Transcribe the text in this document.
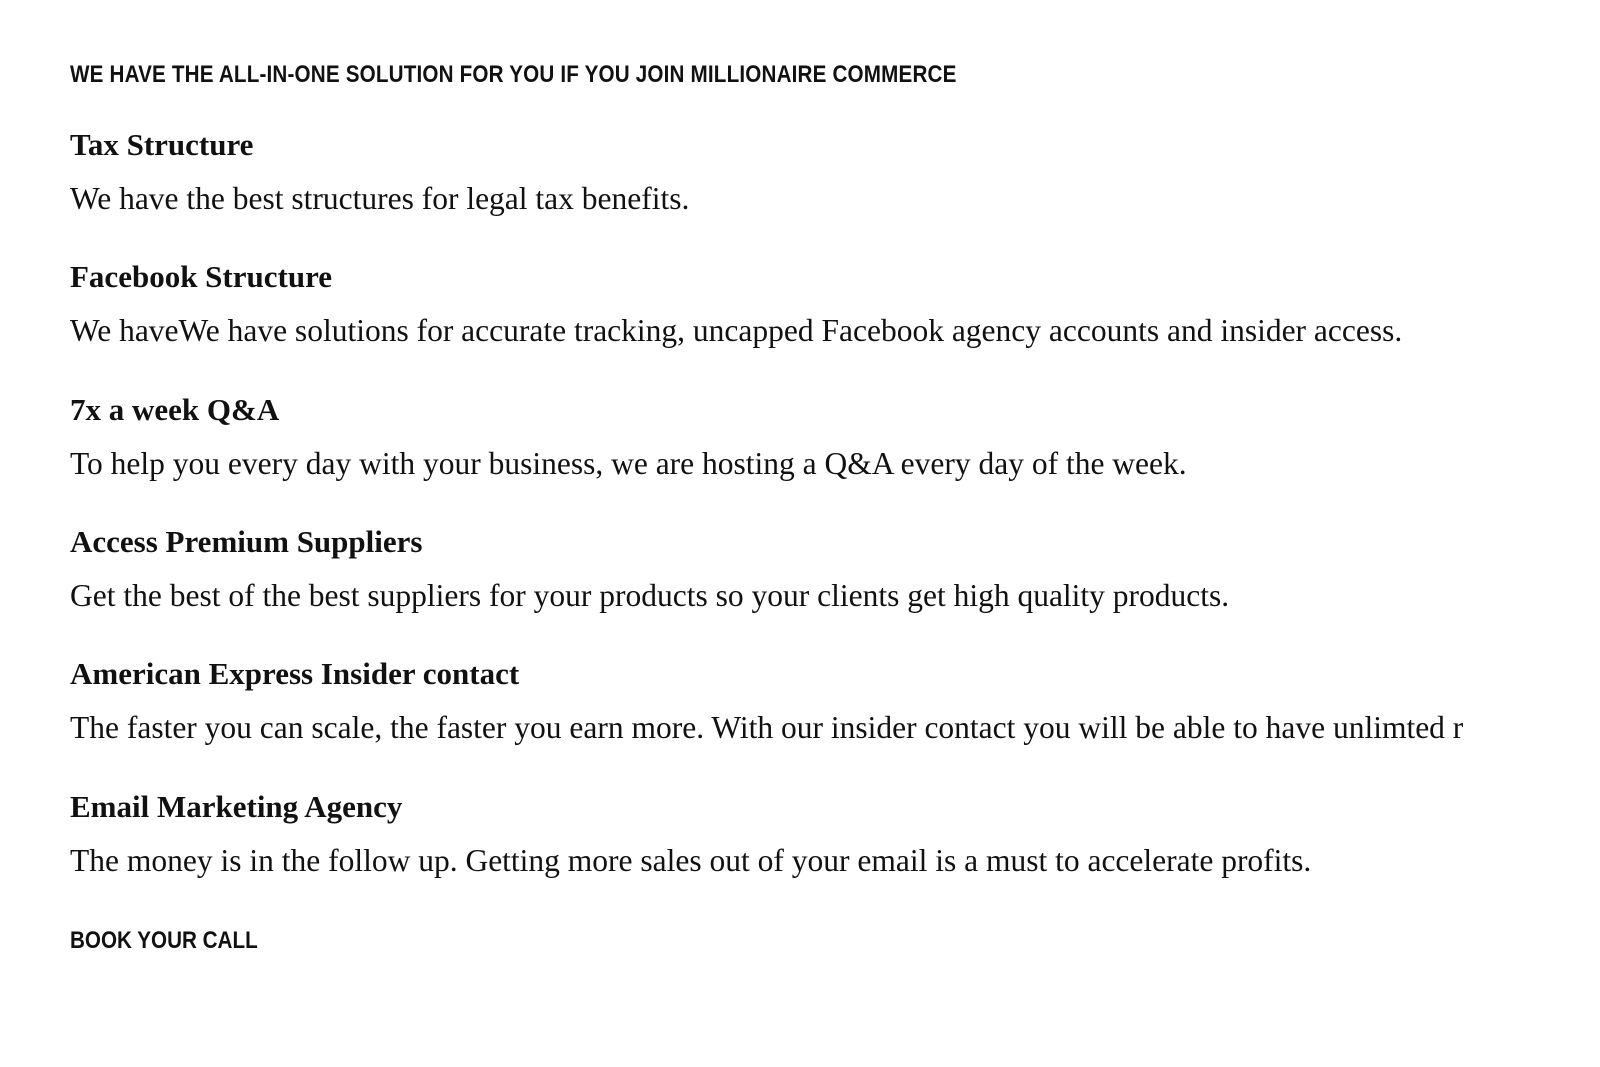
WE HAVE THE ALL-IN-ONE SOLUTION FOR YOU IF YOU JOIN MILLIONAIRE COMMERCE
Tax Structure

We have the best structures for legal tax benefits.

Facebook Structure

We haveWe have solutions for accurate tracking, uncapped Facebook agency accounts and insider access.

7x a week Q&A

To help you every day with your business, we are hosting a Q&A every day of the week.

Access Premium Suppliers

Get the best of the best suppliers for your products so your clients get high quality products.

American Express Insider contact

The faster you can scale, the faster you earn more. With our insider contact you will be able to have unlimted r

Email Marketing Agency

The money is in the follow up. Getting more sales out of your email is a must to accelerate profits.

BOOK YOUR CALL
